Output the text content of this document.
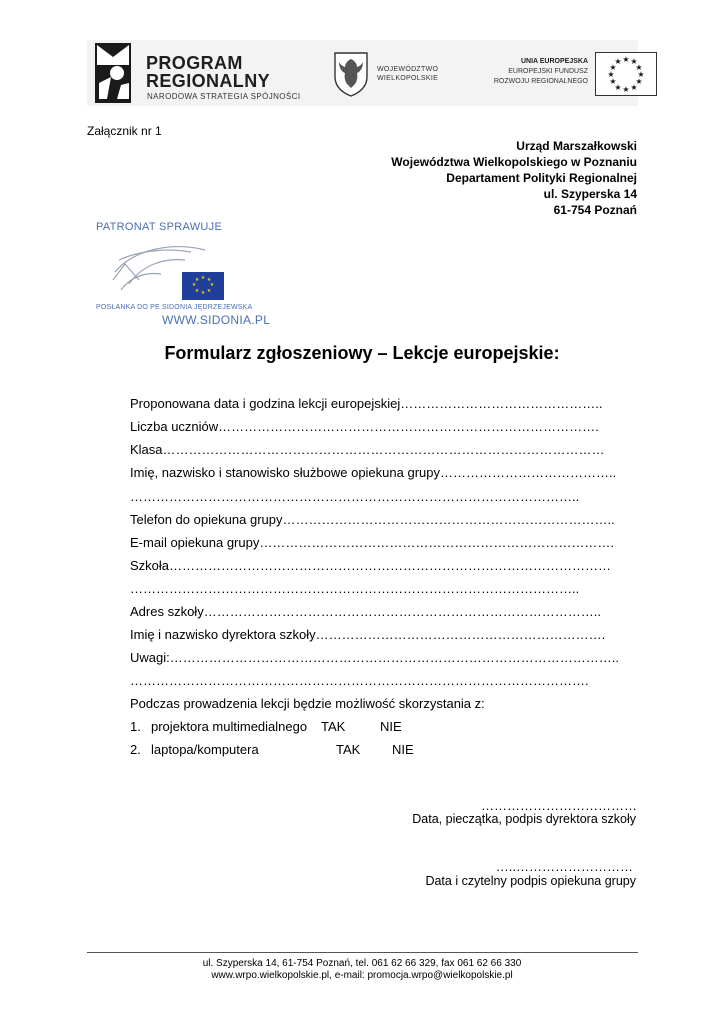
PROGRAM
REGIONALNY
NARODOWA STRATEGIA SPÓJNOŚCI
WOJEWÓDZTWO
WIELKOPOLSKIE
UNIA EUROPEJSKA
EUROPEJSKI FUNDUSZ
ROZWOJU REGIONALNEGO
★ ★
★
★
★
★
★
★
★
★
★
★
Załącznik nr 1
Urząd Marszałkowski
Województwa Wielkopolskiego w Poznaniu
Departament Polityki Regionalnej
ul. Szyperska 14
61-754 Poznań
★ ★
★
★
★
★
★
★
PATRONAT SPRAWUJE
POSŁANKA DO PE SIDONIA JĘDRZEJEWSKA
WWW.SIDONIA.PL
Formularz zgłoszeniowy – Lekcje europejskie:
Proponowana data i godzina lekcji europejskiej………………………………………..
Liczba uczniów…………………………………………………………………………….
Klasa…………………………………………………………………………………………
Imię, nazwisko i stanowisko służbowe opiekuna grupy…………………………………..
…………………………………………………………………………………………..
Telefon do opiekuna grupy…………………………………………………………………..
E-mail opiekuna grupy……………………………………………………………………….
Szkoła…………………………………………………………………………………………
…………………………………………………………………………………………..
Adres szkoły………………………………………………………………………………..
Imię i nazwisko dyrektora szkoły………………………………………………………….
Uwagi:…………………………………………………………………………………………..
…………………………………………………………………………………………….
Podczas prowadzenia lekcji będzie możliwość skorzystania z:
1. projektora multimedialnego TAK	NIE
2. laptopa/komputera	TAK NIE
………………………………
Data, pieczątka, podpis dyrektora szkoły
…..………………………
Data i czytelny podpis opiekuna grupy
ul. Szyperska 14, 61-754 Poznań, tel. 061 62 66 329, fax 061 62 66 330
www.wrpo.wielkopolskie.pl, e-mail: promocja.wrpo@wielkopolskie.pl
